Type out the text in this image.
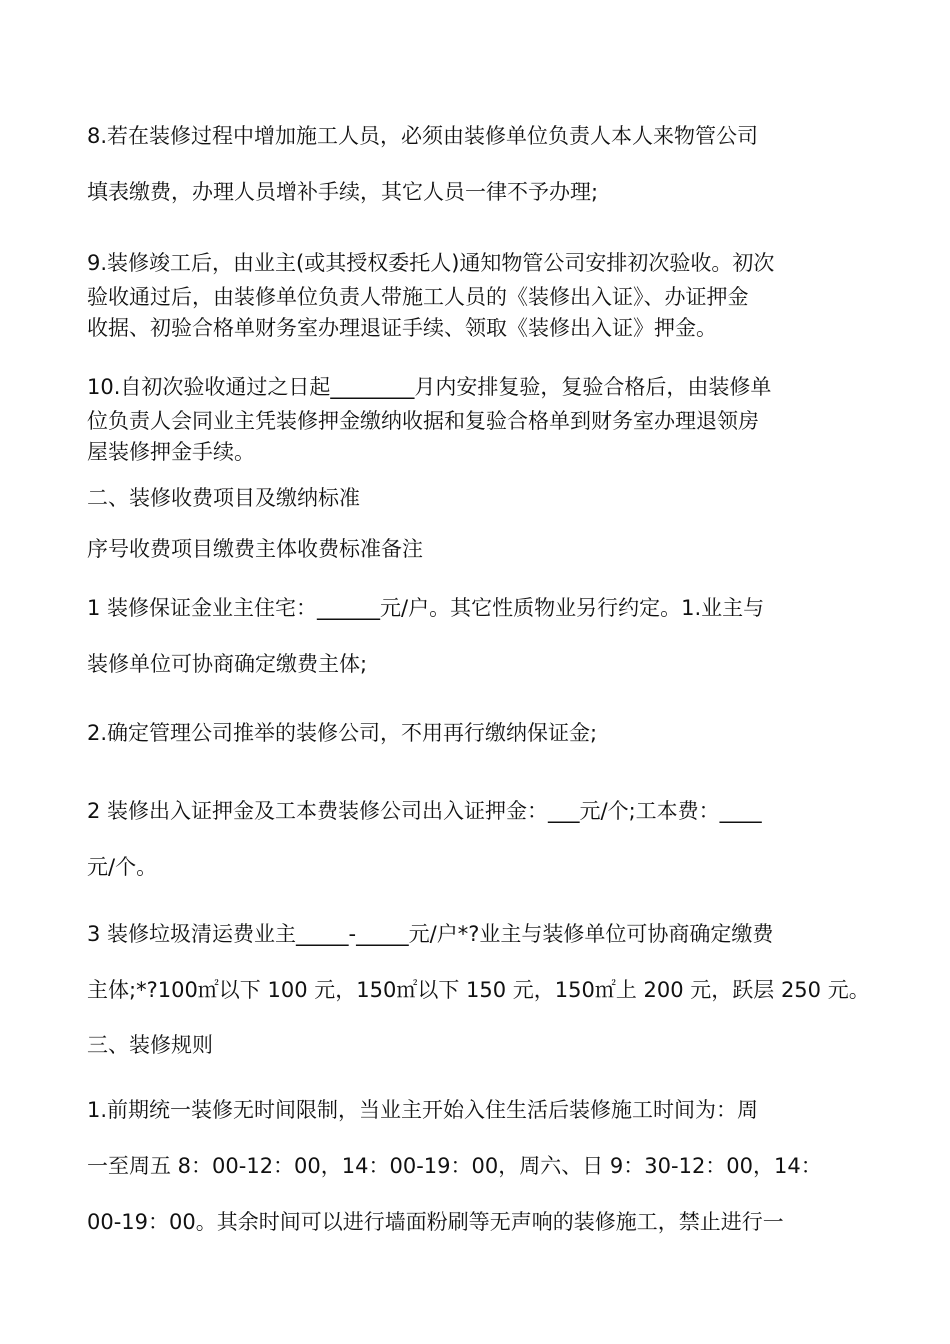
8.若在装修过程中增加施工人员，必须由装修单位负责人本人来物管公司
填表缴费，办理人员增补手续，其它人员一律不予办理;
9.装修竣工后，由业主(或其授权委托人)通知物管公司安排初次验收。初次
验收通过后，由装修单位负责人带施工人员的《装修出入证》、办证押金
收据、初验合格单财务室办理退证手续、领取《装修出入证》押金。
10.自初次验收通过之日起________月内安排复验，复验合格后，由装修单
位负责人会同业主凭装修押金缴纳收据和复验合格单到财务室办理退领房
屋装修押金手续。
二、装修收费项目及缴纳标准
序号收费项目缴费主体收费标准备注
1 装修保证金业主住宅：______元/户。其它性质物业另行约定。1.业主与
装修单位可协商确定缴费主体;
2.确定管理公司推举的装修公司，不用再行缴纳保证金;
2 装修出入证押金及工本费装修公司出入证押金：___元/个;工本费：____
元/个。
3 装修垃圾清运费业主_____-_____元/户*?业主与装修单位可协商确定缴费
主体;*?100㎡以下 100 元，150㎡以下 150 元，150㎡上 200 元，跃层 250 元。
三、装修规则
1.前期统一装修无时间限制，当业主开始入住生活后装修施工时间为：周
一至周五 8：00-12：00，14：00-19：00，周六、日 9：30-12：00，14：
00-19：00。其余时间可以进行墙面粉刷等无声响的装修施工，禁止进行一
